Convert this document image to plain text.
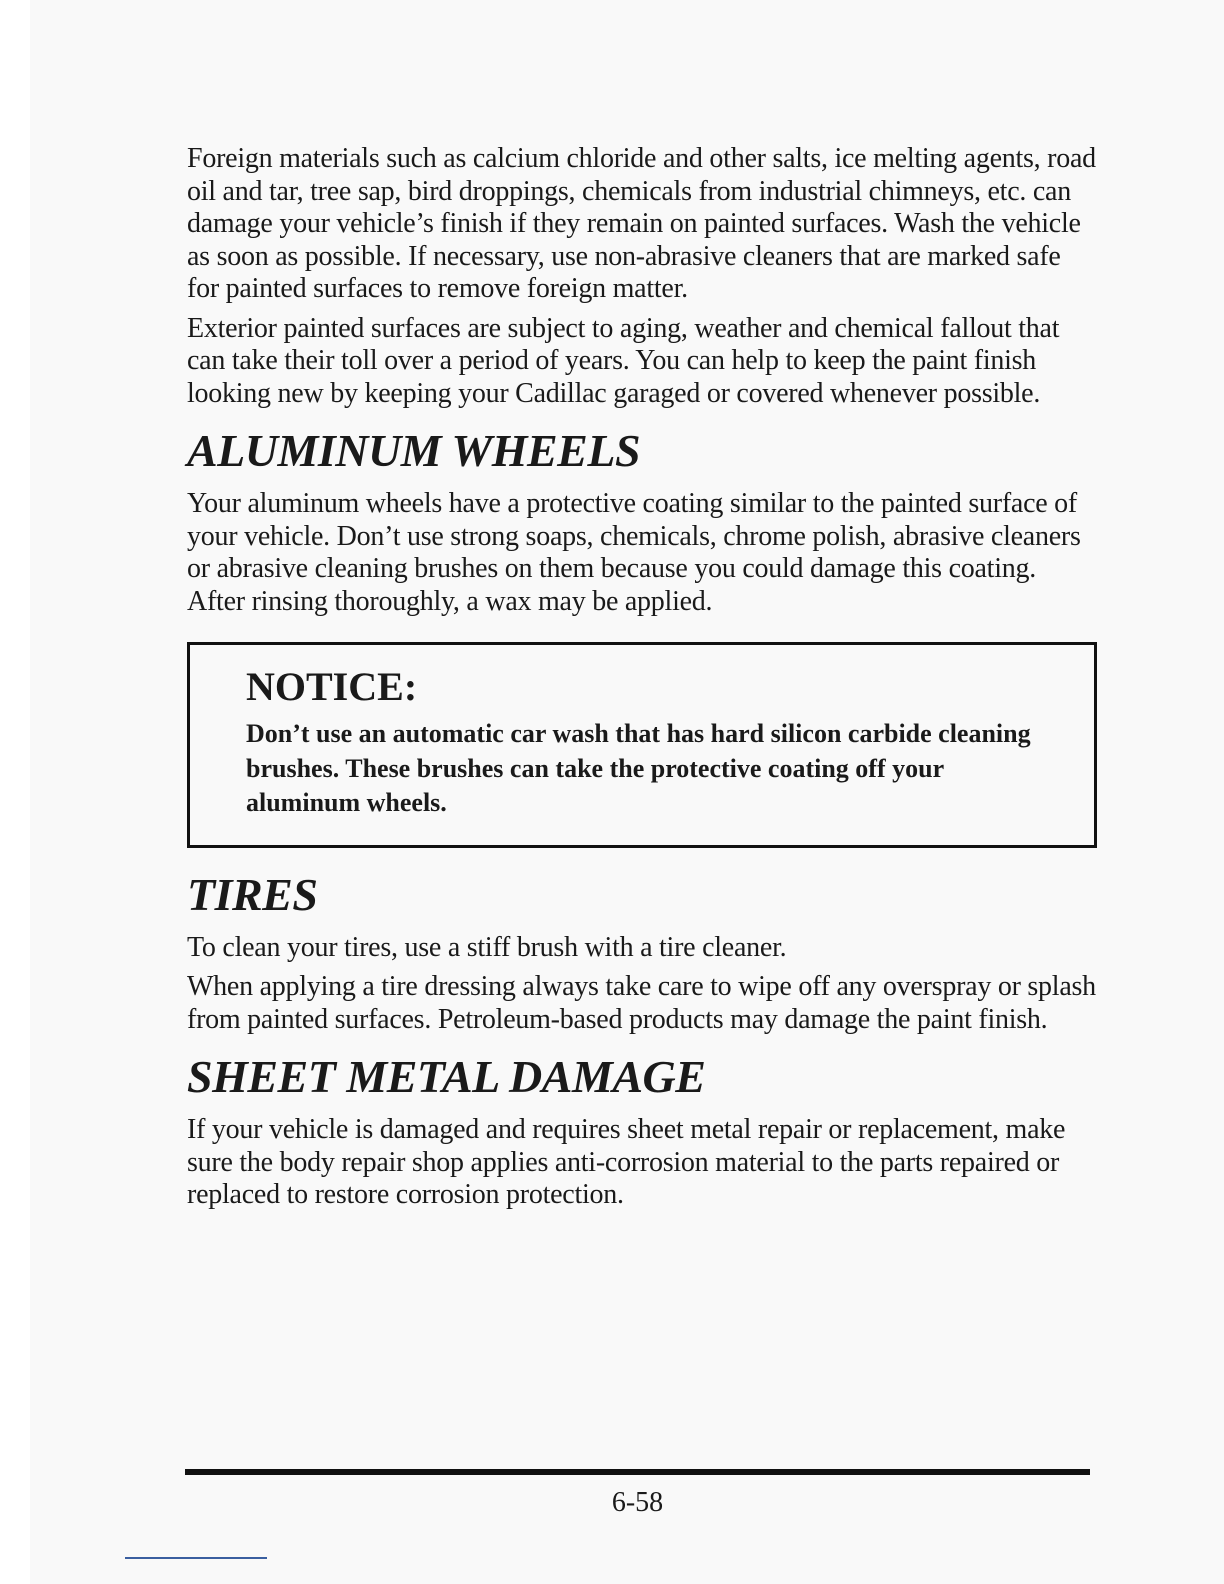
Foreign materials such as calcium chloride and other salts, ice melting agents, road oil and tar, tree sap, bird droppings, chemicals from industrial chimneys, etc. can damage your vehicle’s finish if they remain on painted surfaces. Wash the vehicle as soon as possible. If necessary, use non-abrasive cleaners that are marked safe for painted surfaces to remove foreign matter.

Exterior painted surfaces are subject to aging, weather and chemical fallout that can take their toll over a period of years. You can help to keep the paint finish looking new by keeping your Cadillac garaged or covered whenever possible.

ALUMINUM WHEELS

Your aluminum wheels have a protective coating similar to the painted surface of your vehicle. Don’t use strong soaps, chemicals, chrome polish, abrasive cleaners or abrasive cleaning brushes on them because you could damage this coating. After rinsing thoroughly, a wax may be applied.

NOTICE:

Don’t use an automatic car wash that has hard silicon carbide cleaning brushes. These brushes can take the protective coating off your aluminum wheels.

TIRES

To clean your tires, use a stiff brush with a tire cleaner.

When applying a tire dressing always take care to wipe off any overspray or splash from painted surfaces. Petroleum-based products may damage the paint finish.

SHEET METAL DAMAGE

If your vehicle is damaged and requires sheet metal repair or replacement, make sure the body repair shop applies anti-corrosion material to the parts repaired or replaced to restore corrosion protection.

6-58
